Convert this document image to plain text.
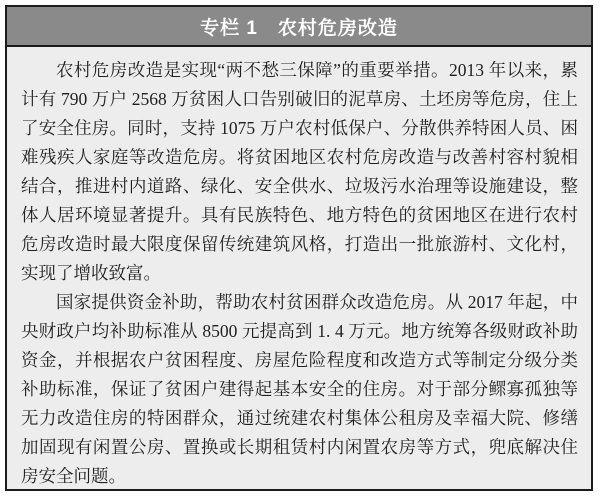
专栏 1　农村危房改造

农村危房改造是实现“两不愁三保障”的重要举措。2013 年以来，累计有 790 万户 2568 万贫困人口告别破旧的泥草房、土坯房等危房，住上了安全住房。同时，支持 1075 万户农村低保户、分散供养特困人员、困难残疾人家庭等改造危房。将贫困地区农村危房改造与改善村容村貌相结合，推进村内道路、绿化、安全供水、垃圾污水治理等设施建设，整体人居环境显著提升。具有民族特色、地方特色的贫困地区在进行农村危房改造时最大限度保留传统建筑风格，打造出一批旅游村、文化村，实现了增收致富。

国家提供资金补助，帮助农村贫困群众改造危房。从 2017 年起，中央财政户均补助标准从 8500 元提高到 1. 4 万元。地方统筹各级财政补助资金，并根据农户贫困程度、房屋危险程度和改造方式等制定分级分类补助标准，保证了贫困户建得起基本安全的住房。对于部分鳏寡孤独等无力改造住房的特困群众，通过统建农村集体公租房及幸福大院、修缮加固现有闲置公房、置换或长期租赁村内闲置农房等方式，兜底解决住房安全问题。
